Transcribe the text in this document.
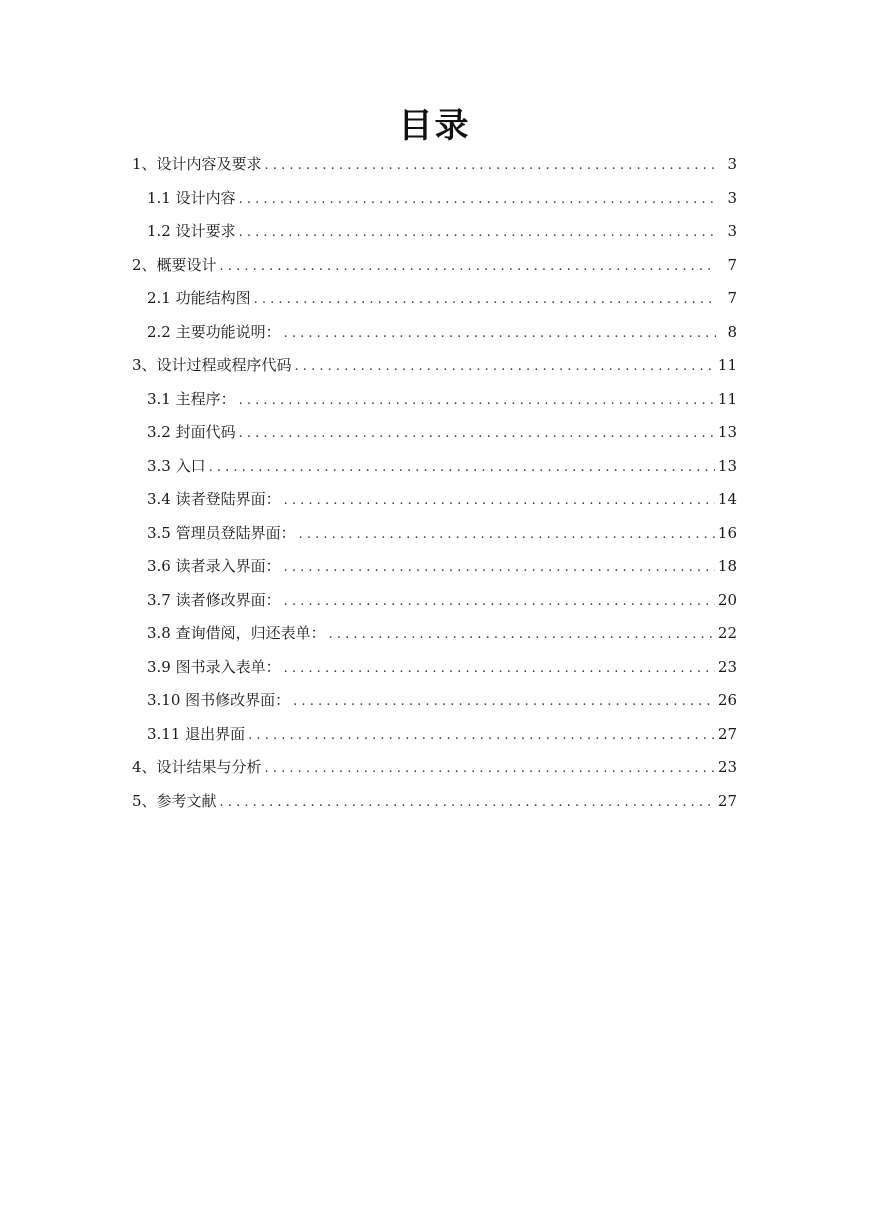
目录
1、设计内容及要求 . . .	3
1.1 设计内容 . . .	3
1.2 设计要求 . . .	3
2、概要设计 . . .	7
2.1 功能结构图 . . .	7
2.2 主要功能说明： . . .	8
3、设计过程或程序代码 . . .	11
3.1 主程序： . . .	11
3.2 封面代码 . . .	13
3.3 入口 . . .	13
3.4 读者登陆界面： . . .	14
3.5 管理员登陆界面： . . .	16
3.6 读者录入界面： . . .	18
3.7 读者修改界面： . . .	20
3.8 查询借阅，归还表单： . . .	22
3.9 图书录入表单： . . .	23
3.10 图书修改界面： . . .	26
3.11 退出界面 . . .	27
4、设计结果与分析 . . .	23
5、参考文献 . . .	27
